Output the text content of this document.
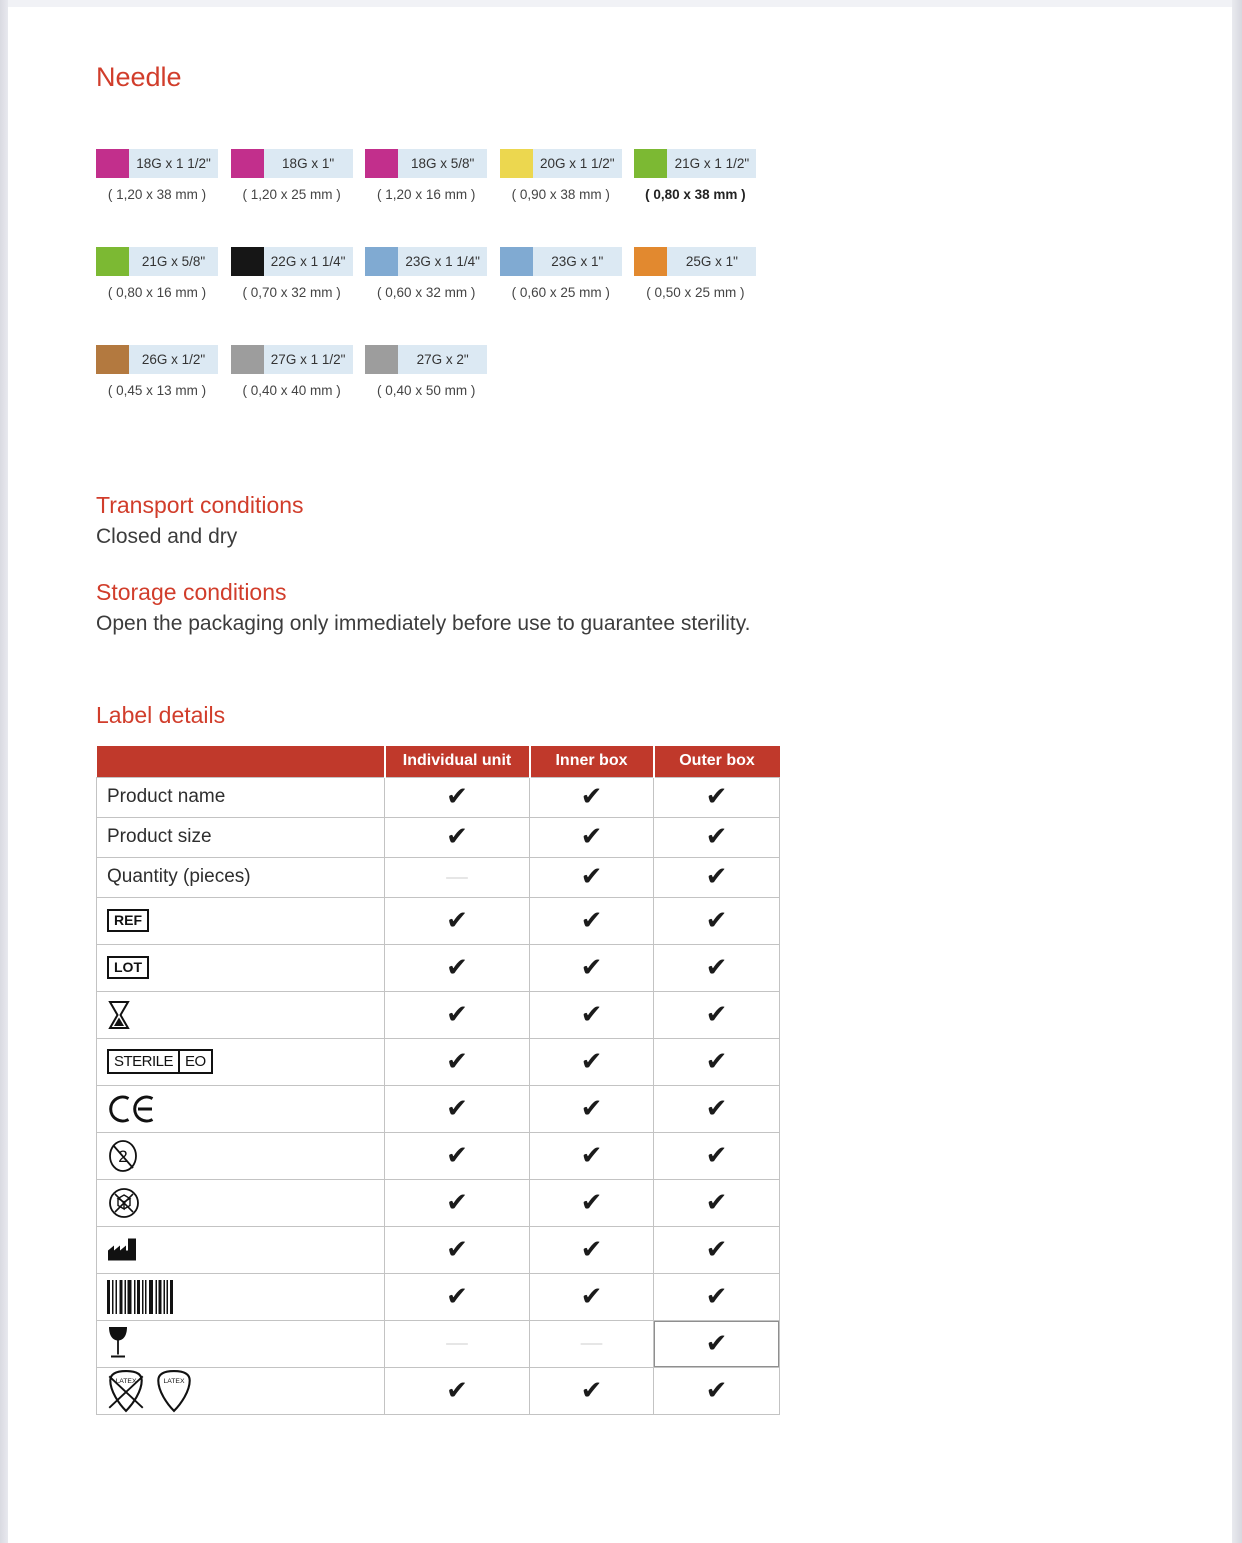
Needle
18G x 1 1/2"
( 1,20 x 38 mm )
18G x 1"
( 1,20 x 25 mm )
18G x 5/8"
( 1,20 x 16 mm )
20G x 1 1/2"
( 0,90 x 38 mm )
21G x 1 1/2"
( 0,80 x 38 mm )
21G x 5/8"
( 0,80 x 16 mm )
22G x 1 1/4"
( 0,70 x 32 mm )
23G x 1 1/4"
( 0,60 x 32 mm )
23G x 1"
( 0,60 x 25 mm )
25G x 1"
( 0,50 x 25 mm )
26G x 1/2"
( 0,45 x 13 mm )
27G x 1 1/2"
( 0,40 x 40 mm )
27G x 2"
( 0,40 x 50 mm )
Transport conditions

Closed and dry

Storage conditions

Open the packaging only immediately before use to guarantee sterility.

Label details
	Individual unit	Inner box	Outer box
Product name	✔	✔	✔
Product size	✔	✔	✔
Quantity (pieces)	—	✔	✔

REF	✔	✔	✔

LOT	✔	✔	✔

	✔	✔	✔

STERILE EO	✔	✔	✔

	✔	✔	✔

2	✔	✔	✔

	✔	✔	✔

	✔	✔	✔

	✔	✔	✔

	—	—	✔

LATEX LATEX	✔	✔	✔
